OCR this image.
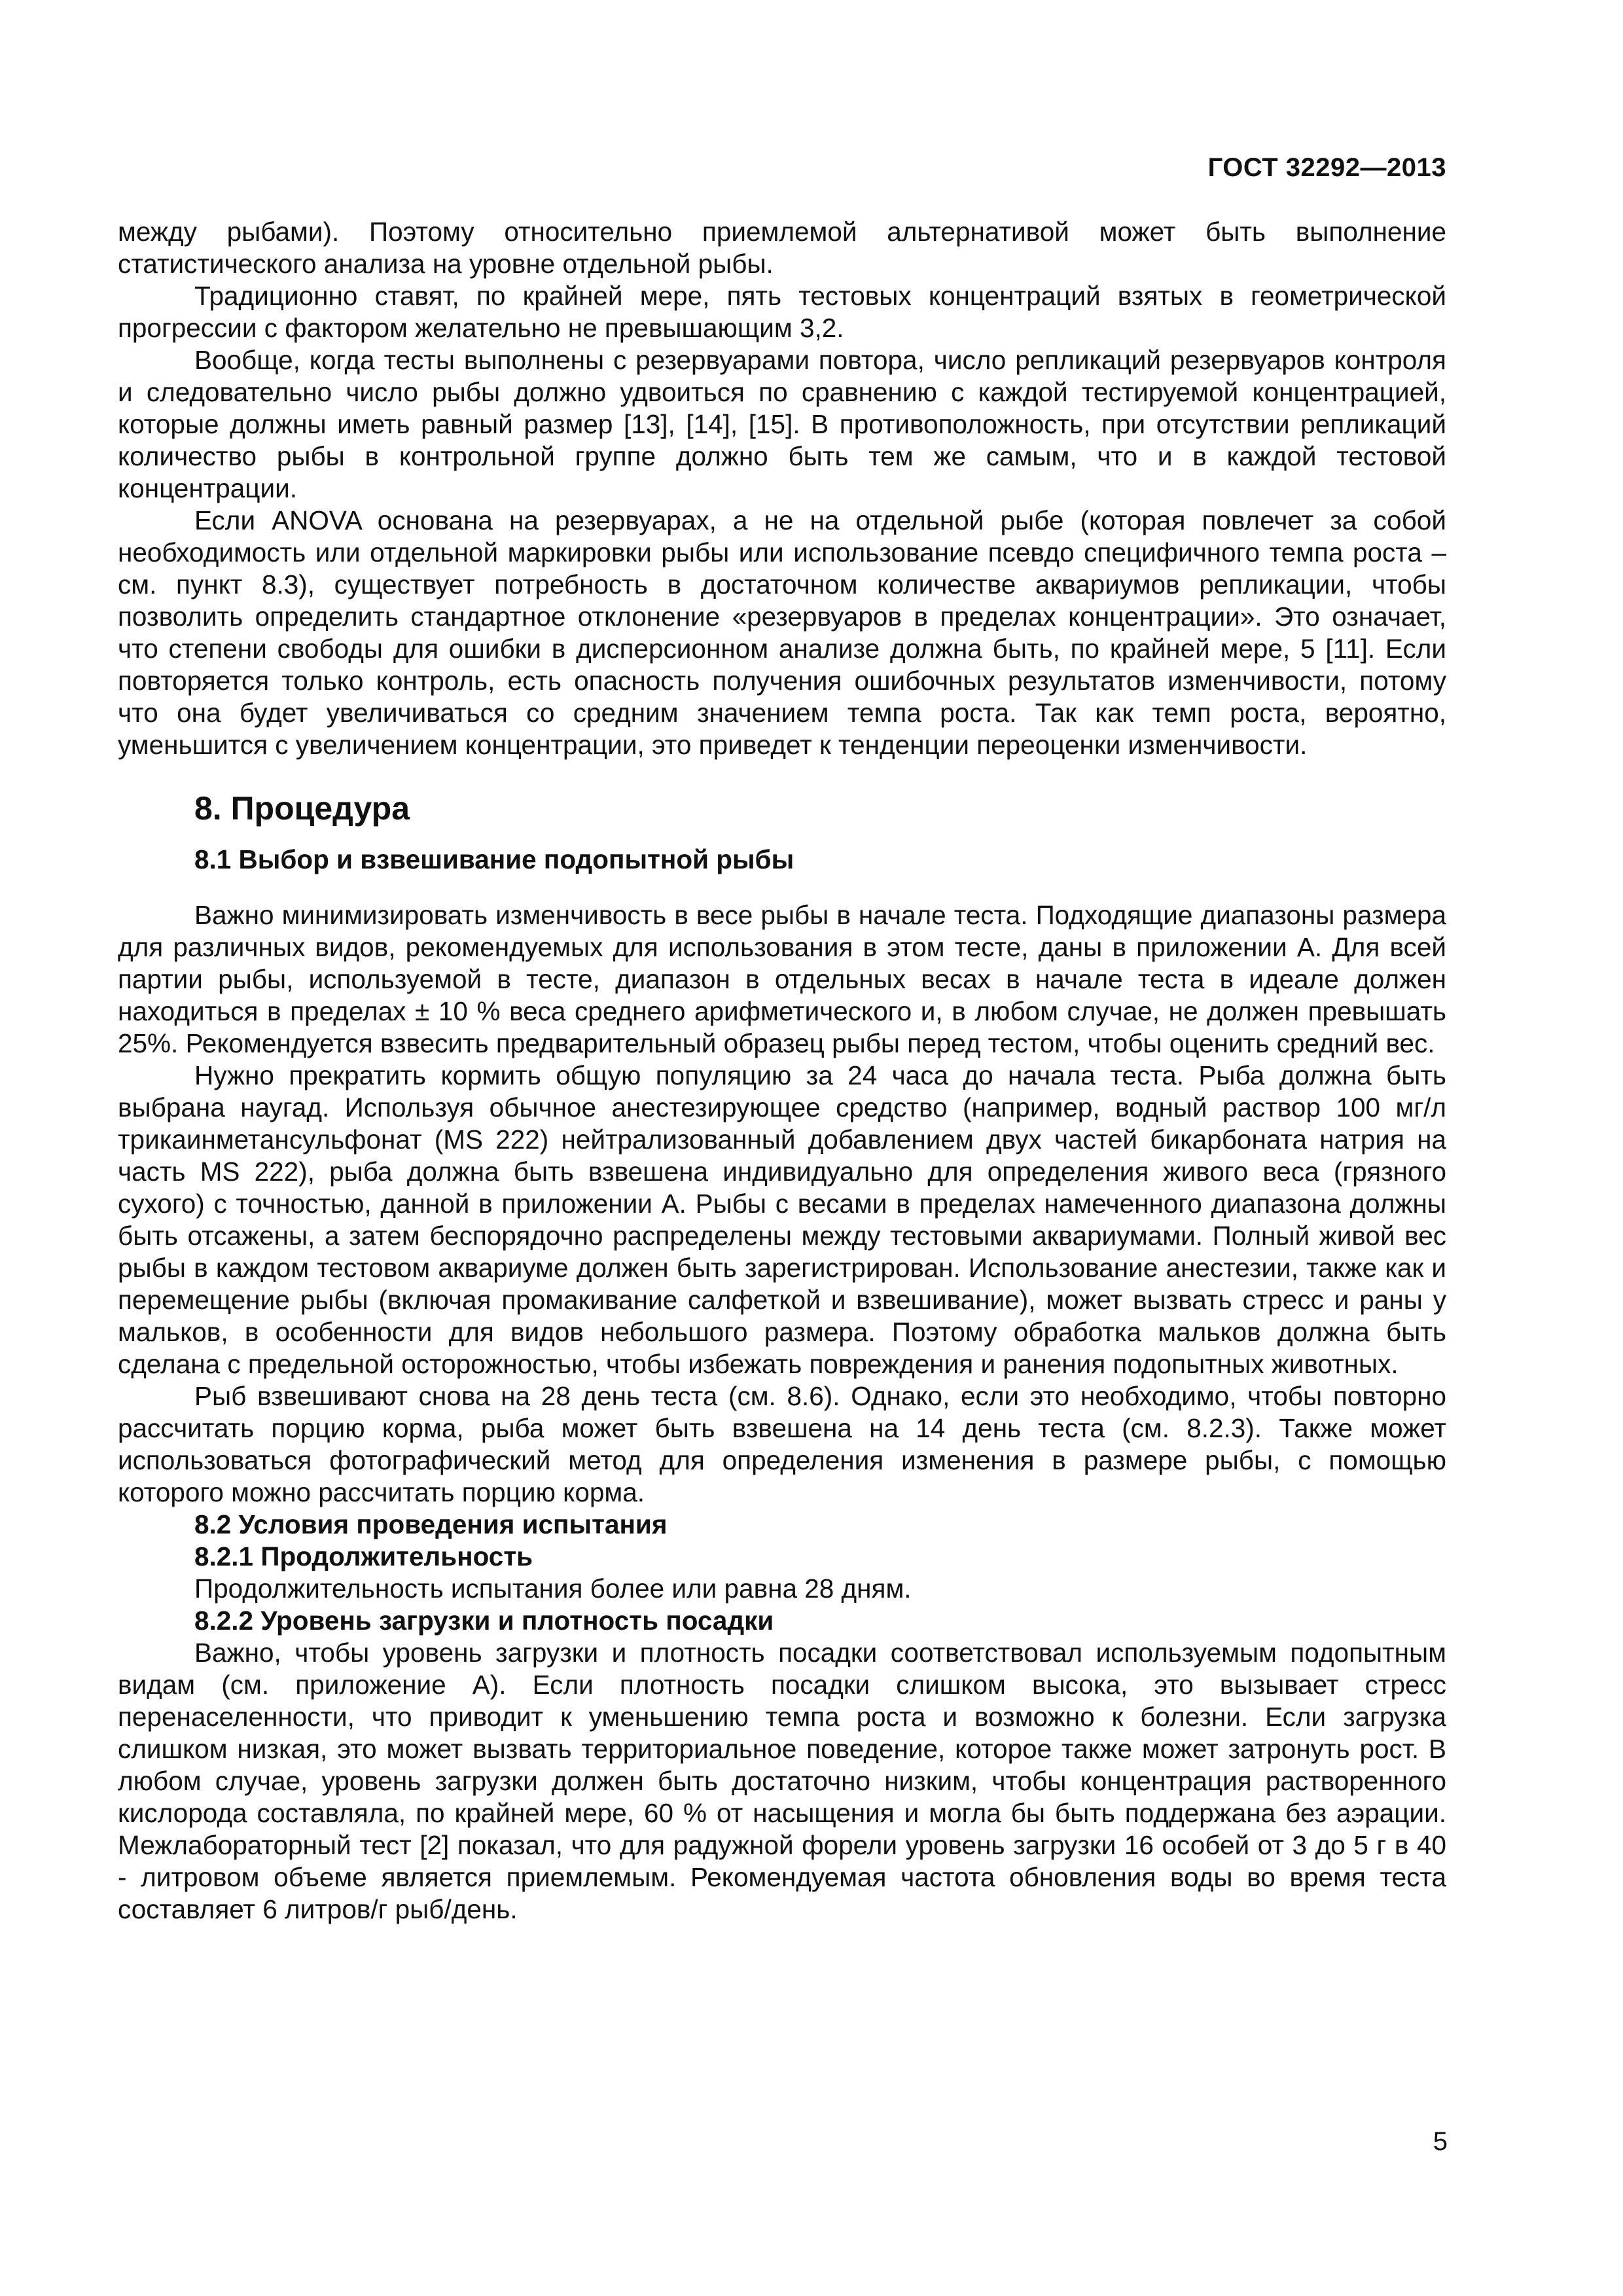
ГОСТ 32292—2013

между рыбами). Поэтому относительно приемлемой альтернативой может быть выполнение статистического анализа на уровне отдельной рыбы.

Традиционно ставят, по крайней мере, пять тестовых концентраций взятых в геометрической прогрессии с фактором желательно не превышающим 3,2.

Вообще, когда тесты выполнены с резервуарами повтора, число репликаций резервуаров контроля и следовательно число рыбы должно удвоиться по сравнению с каждой тестируемой концентрацией, которые должны иметь равный размер [13], [14], [15]. В противоположность, при отсутствии репликаций количество рыбы в контрольной группе должно быть тем же самым, что и в каждой тестовой концентрации.

Если ANOVA основана на резервуарах, а не на отдельной рыбе (которая повлечет за собой необходимость или отдельной маркировки рыбы или использование псевдо специфичного темпа роста – см. пункт 8.3), существует потребность в достаточном количестве аквариумов репликации, чтобы позволить определить стандартное отклонение «резервуаров в пределах концентрации». Это означает, что степени свободы для ошибки в дисперсионном анализе должна быть, по крайней мере, 5 [11]. Если повторяется только контроль, есть опасность получения ошибочных результатов изменчивости, потому что она будет увеличиваться со средним значением темпа роста. Так как темп роста, вероятно, уменьшится с увеличением концентрации, это приведет к тенденции переоценки изменчивости.

8. Процедура
8.1 Выбор и взвешивание подопытной рыбы

Важно минимизировать изменчивость в весе рыбы в начале теста. Подходящие диапазоны размера для различных видов, рекомендуемых для использования в этом тесте, даны в приложении А. Для всей партии рыбы, используемой в тесте, диапазон в отдельных весах в начале теста в идеале должен находиться в пределах ± 10 % веса среднего арифметического и, в любом случае, не должен превышать 25%. Рекомендуется взвесить предварительный образец рыбы перед тестом, чтобы оценить средний вес.

Нужно прекратить кормить общую популяцию за 24 часа до начала теста. Рыба должна быть выбрана наугад. Используя обычное анестезирующее средство (например, водный раствор 100 мг/л трикаинметансульфонат (MS 222) нейтрализованный добавлением двух частей бикарбоната натрия на часть MS 222), рыба должна быть взвешена индивидуально для определения живого веса (грязного сухого) с точностью, данной в приложении А. Рыбы с весами в пределах намеченного диапазона должны быть отсажены, а затем беспорядочно распределены между тестовыми аквариумами. Полный живой вес рыбы в каждом тестовом аквариуме должен быть зарегистрирован. Использование анестезии, также как и перемещение рыбы (включая промакивание салфеткой и взвешивание), может вызвать стресс и раны у мальков, в особенности для видов небольшого размера. Поэтому обработка мальков должна быть сделана с предельной осторожностью, чтобы избежать повреждения и ранения подопытных животных.

Рыб взвешивают снова на 28 день теста (см. 8.6). Однако, если это необходимо, чтобы повторно рассчитать порцию корма, рыба может быть взвешена на 14 день теста (см. 8.2.3). Также может использоваться фотографический метод для определения изменения в размере рыбы, с помощью которого можно рассчитать порцию корма.

8.2 Условия проведения испытания
8.2.1 Продолжительность

Продолжительность испытания более или равна 28 дням.

8.2.2 Уровень загрузки и плотность посадки

Важно, чтобы уровень загрузки и плотность посадки соответствовал используемым подопытным видам (см. приложение А). Если плотность посадки слишком высока, это вызывает стресс перенаселенности, что приводит к уменьшению темпа роста и возможно к болезни. Если загрузка слишком низкая, это может вызвать территориальное поведение, которое также может затронуть рост. В любом случае, уровень загрузки должен быть достаточно низким, чтобы концентрация растворенного кислорода составляла, по крайней мере, 60 % от насыщения и могла бы быть поддержана без аэрации. Межлабораторный тест [2] показал, что для радужной форели уровень загрузки 16 особей от 3 до 5 г в 40 - литровом объеме является приемлемым. Рекомендуемая частота обновления воды во время теста составляет 6 литров/г рыб/день.

5
